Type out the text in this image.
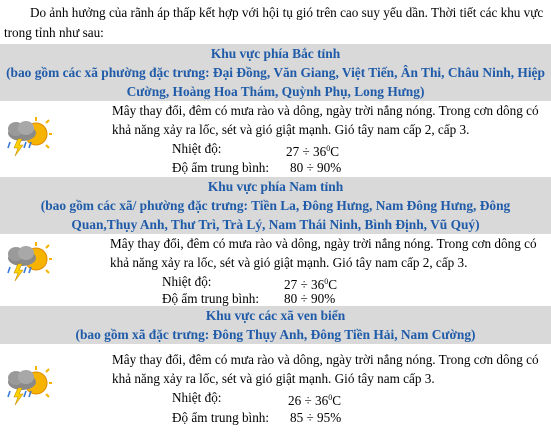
Do ảnh hưởng của rãnh áp thấp kết hợp với hội tụ gió trên cao suy yếu dần. Thời tiết các khu vực trong tỉnh như sau:
Khu vực phía Bắc tỉnh
(bao gồm các xã phường đặc trưng: Đại Đồng, Văn Giang, Việt Tiến, Ân Thi, Châu Ninh, Hiệp Cường, Hoàng Hoa Thám, Quỳnh Phụ, Long Hưng)
Mây thay đổi, đêm có mưa rào và dông, ngày trời nắng nóng. Trong cơn dông có khả năng xảy ra lốc, sét và gió giật mạnh. Gió tây nam cấp 2, cấp 3.
Nhiệt độ:	$27 \div 36^0C$
Độ ẩm trung bình: 80 ÷ 90%
Khu vực phía Nam tỉnh
(bao gồm các xã/ phường đặc trưng: Tiền La, Đông Hưng, Nam Đông Hưng, Đông Quan,Thụy Anh, Thư Trì, Trà Lý, Nam Thái Ninh, Bình Định, Vũ Quý)
Mây thay đổi, đêm có mưa rào và dông, ngày trời nắng nóng. Trong cơn dông có khả năng xảy ra lốc, sét và gió giật mạnh. Gió tây nam cấp 2, cấp 3.
Nhiệt độ:	$27 \div 36^0C$
Độ ẩm trung bình: 80 ÷ 90%
Khu vực các xã ven biển
(bao gồm xã đặc trưng: Đông Thụy Anh, Đông Tiền Hải, Nam Cường)
Mây thay đổi, đêm có mưa rào và dông, ngày trời nắng nóng. Trong cơn dông có khả năng xảy ra lốc, sét và gió giật mạnh. Gió tây nam cấp 3.
Nhiệt độ:	$26 \div 36^0C$
Độ ẩm trung bình: 85 ÷ 95%
